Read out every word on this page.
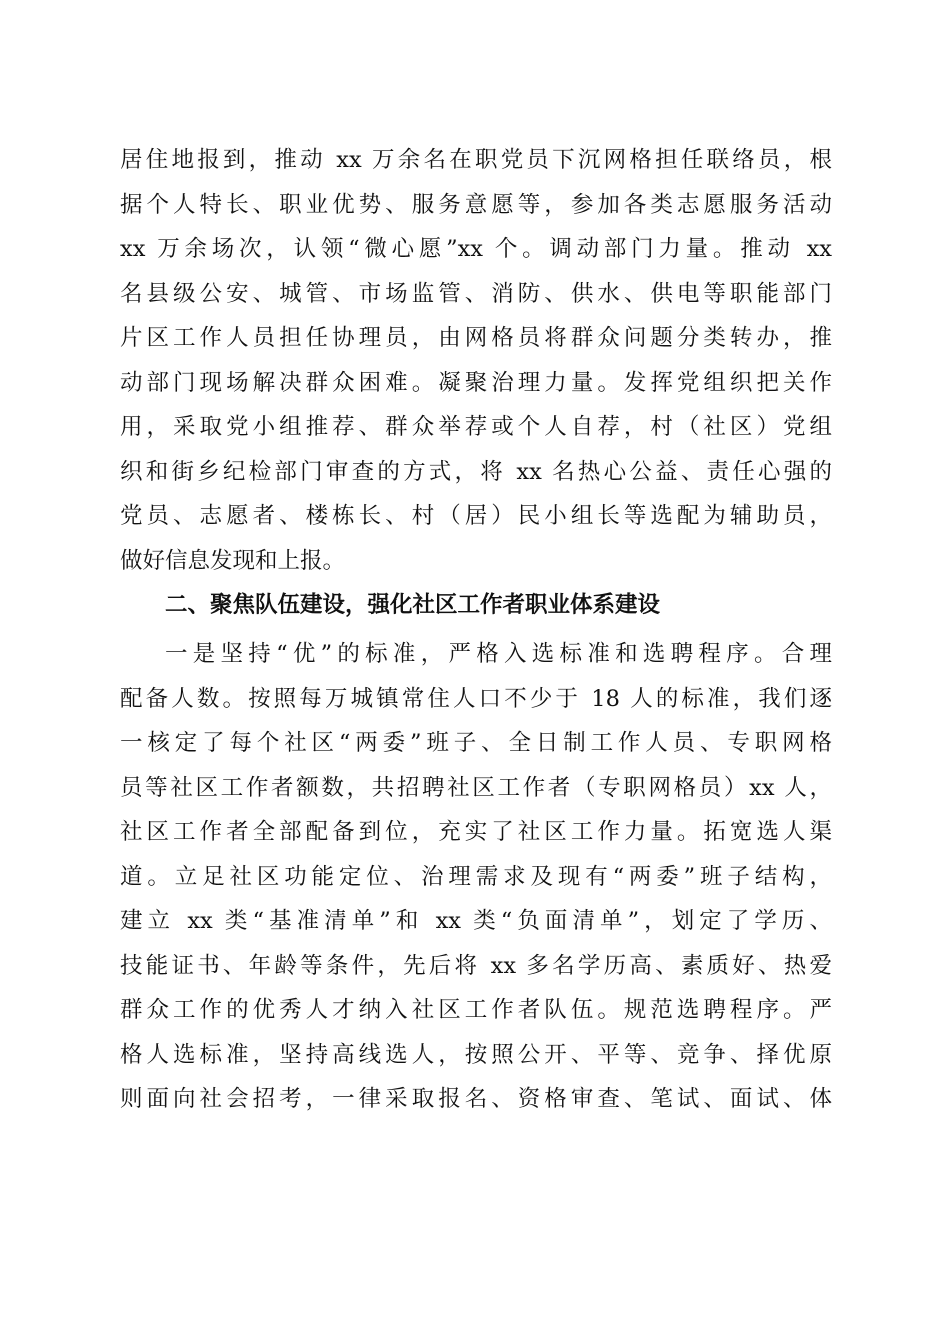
居住地报到，推动 xx 万余名在职党员下沉网格担任联络员，根
据个人特长、职业优势、服务意愿等，参加各类志愿服务活动
xx 万余场次，认领“微心愿”xx 个。调动部门力量。推动 xx
名县级公安、城管、市场监管、消防、供水、供电等职能部门
片区工作人员担任协理员，由网格员将群众问题分类转办，推
动部门现场解决群众困难。凝聚治理力量。发挥党组织把关作
用，采取党小组推荐、群众举荐或个人自荐，村（社区）党组
织和街乡纪检部门审查的方式，将 xx 名热心公益、责任心强的
党员、志愿者、楼栋长、村（居）民小组长等选配为辅助员，
做好信息发现和上报。
二、聚焦队伍建设，强化社区工作者职业体系建设
一是坚持“优”的标准，严格入选标准和选聘程序。合理
配备人数。按照每万城镇常住人口不少于 18 人的标准，我们逐
一核定了每个社区“两委”班子、全日制工作人员、专职网格
员等社区工作者额数，共招聘社区工作者（专职网格员）xx 人，
社区工作者全部配备到位，充实了社区工作力量。拓宽选人渠
道。立足社区功能定位、治理需求及现有“两委”班子结构，
建立 xx 类“基准清单”和 xx 类“负面清单”，划定了学历、
技能证书、年龄等条件，先后将 xx 多名学历高、素质好、热爱
群众工作的优秀人才纳入社区工作者队伍。规范选聘程序。严
格人选标准，坚持高线选人，按照公开、平等、竞争、择优原
则面向社会招考，一律采取报名、资格审查、笔试、面试、体
